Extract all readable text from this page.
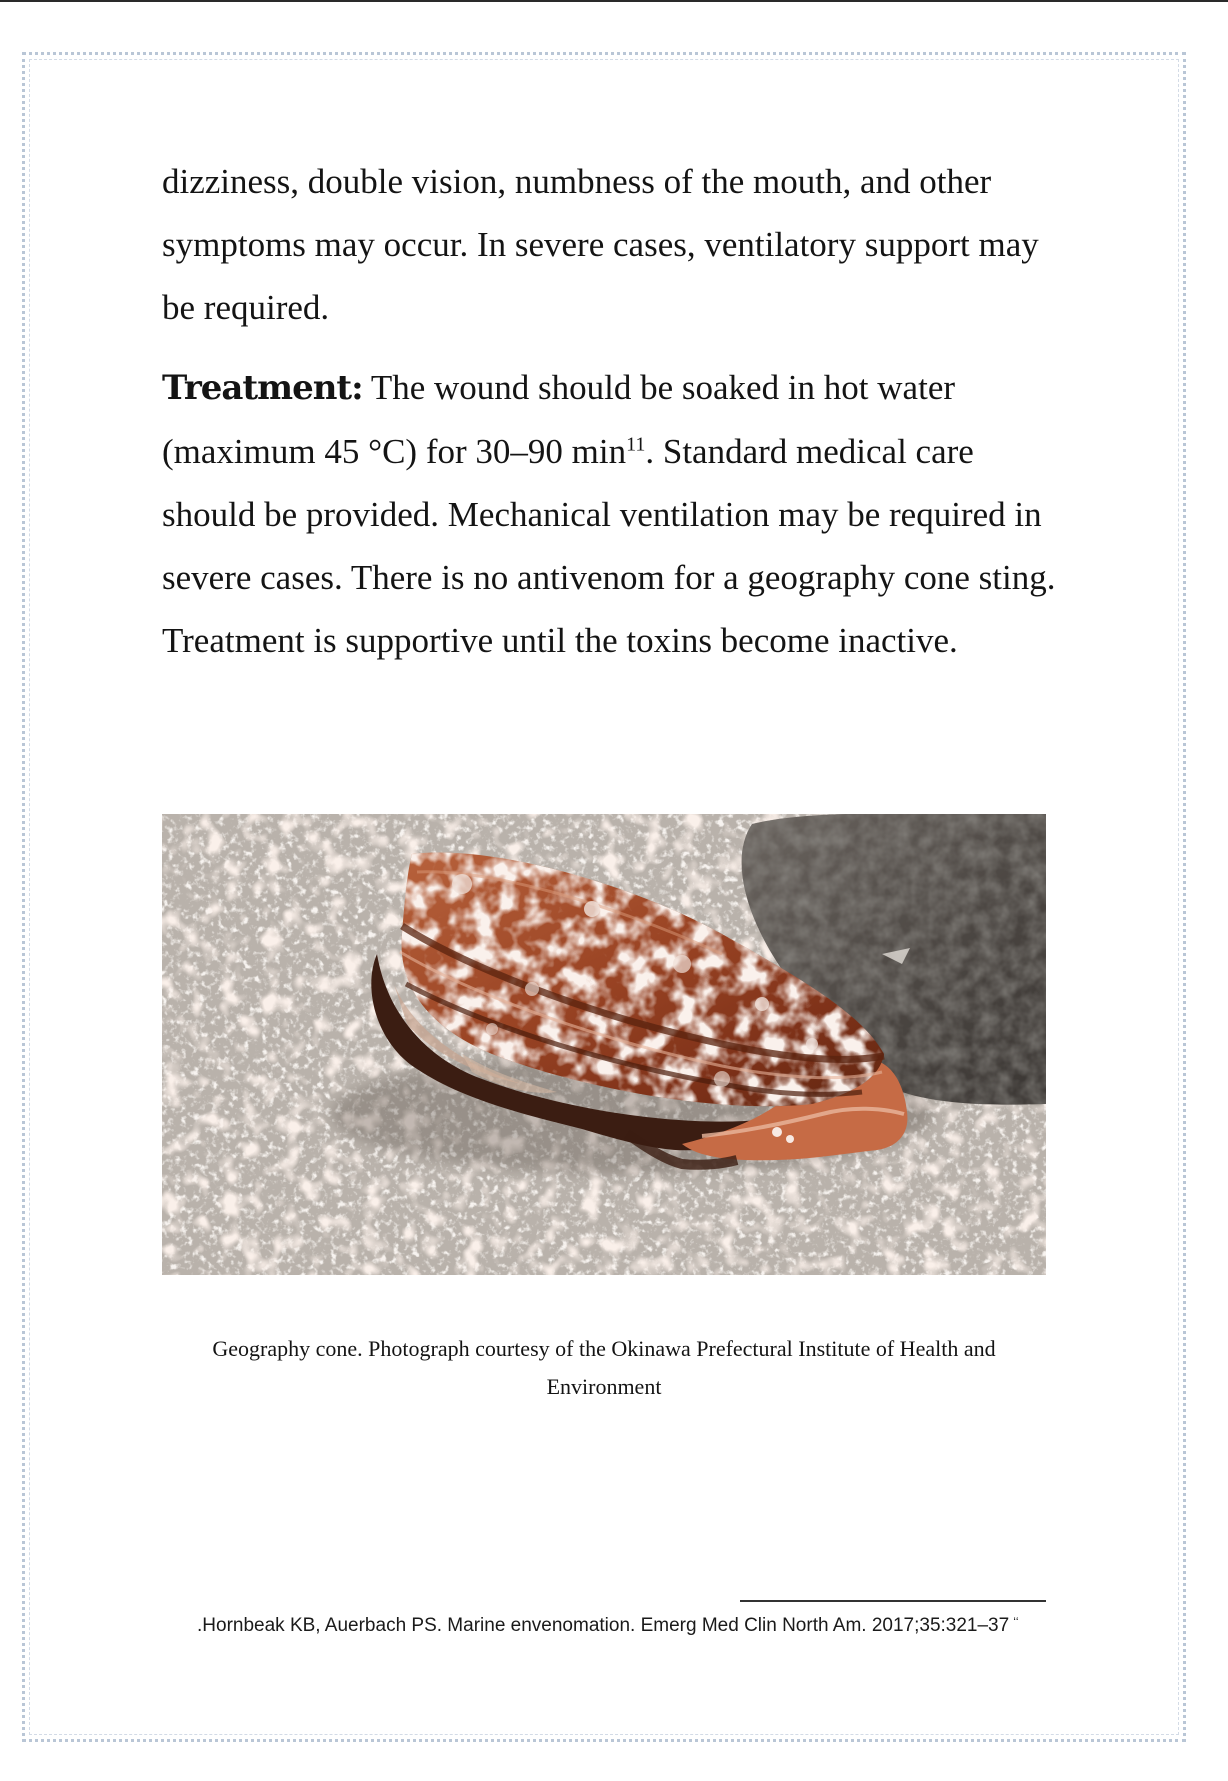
dizziness, double vision, numbness of the mouth, and other symptoms may occur. In severe cases, ventilatory support may be required.

Treatment: The wound should be soaked in hot water (maximum 45 °C) for 30–90 $\min^{11}$. Standard medical care should be provided. Mechanical ventilation may be required in severe cases. There is no antivenom for a geography cone sting. Treatment is supportive until the toxins become inactive.

Geography cone. Photograph courtesy of the Okinawa Prefectural Institute of Health and Environment
.Hornbeak KB, Auerbach PS. Marine envenomation. Emerg Med Clin North Am. 2017;35:321–37 $^{ʻʻ}$
